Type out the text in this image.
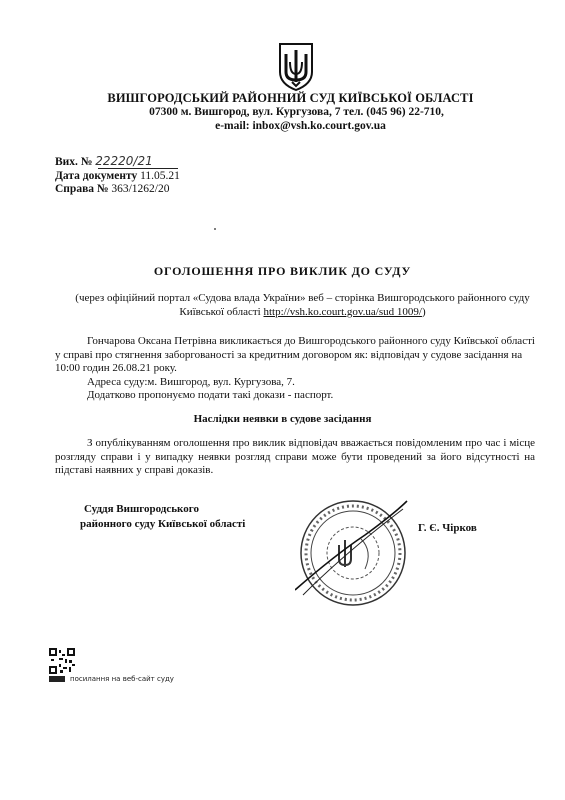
ВИШГОРОДСЬКИЙ РАЙОННИЙ СУД КИЇВСЬКОЇ ОБЛАСТІ
07300 м. Вишгород, вул. Кургузова, 7 тел. (045 96) 22-710,
e-mail: inbox@vsh.ko.court.gov.ua
Вих. № 22220/21
Дата документу 11.05.21
Справа № 363/1262/20
ОГОЛОШЕННЯ ПРО ВИКЛИК ДО СУДУ
(через офіційний портал «Судова влада України» веб – сторінка Вишгородського районного суду Київської області http://vsh.ko.court.gov.ua/sud 1009/)
Гончарова Оксана Петрівна викликається до Вишгородського районного суду Київської області у справі про стягнення заборгованості за кредитним договором як: відповідач у судове засідання на 10:00 годин 26.08.21 року.
Адреса суду:м. Вишгород, вул. Кургузова, 7.
Додатково пропонуємо подати такі докази - паспорт.
Наслідки неявки в судове засідання
З опублікуванням оголошення про виклик відповідач вважається повідомленим про час і місце розгляду справи і у випадку неявки розгляд справи може бути проведений за його відсутності на підставі наявних у справі доказів.
Суддя Вишгородського
районного суду Київської області	Г. Є. Чірков
посилання на веб-сайт суду
